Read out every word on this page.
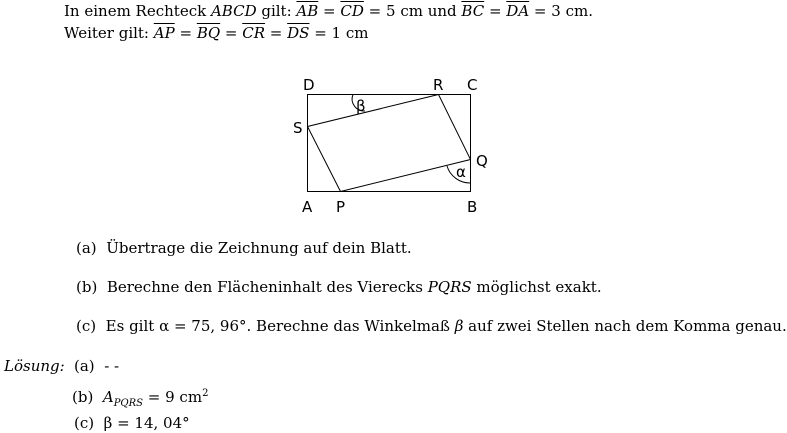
In einem Rechteck ABCD gilt: $\overline{AB} = \overline{CD} = 5$ cm und $\overline{BC} = \overline{DA} = 3$ cm.
Weiter gilt: $\overline{AP} = \overline{BQ} = \overline{CR} = \overline{DS} = 1$ cm
D	R C
S
Q
A P	B
β
α
(a) Übertrage die Zeichnung auf dein Blatt.
(b) Berechne den Flächeninhalt des Vierecks PQRS möglichst exakt.
(c) Es gilt α = 75, 96°. Berechne das Winkelmaß β auf zwei Stellen nach dem Komma genau.
Lösung: (a) - -
(b) $A_{PQRS} = 9$ $cm^2$
(c) β = 14, 04°
